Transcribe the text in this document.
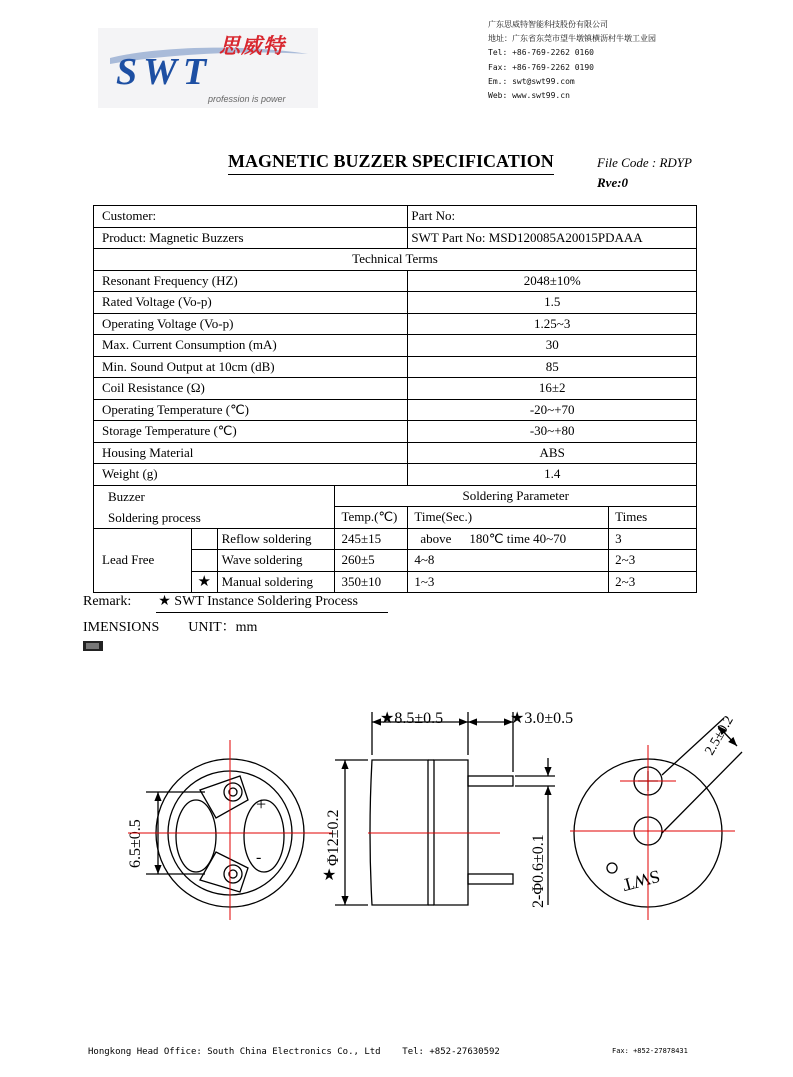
SWT
思威特
profession is power
广东思威特智能科技股份有限公司
地址：广东省东莞市望牛墩镇横沥村牛墩工业园
Tel: +86-769-2262 0160
Fax: +86-769-2262 0190
Em.: swt@swt99.com
Web: www.swt99.cn
MAGNETIC BUZZER SPECIFICATION	File Code : RDYP
Rve:0
Customer:				Part No:	
Product: Magnetic Buzzers				SWT Part No: MSD120085A20015PDAAA	
Technical Terms					
Resonant Frequency (HZ)				2048±10%	
Rated Voltage (Vo-p)				1.5	
Operating Voltage (Vo-p)				1.25~3	
Max. Current Consumption (mA)				30	
Min. Sound Output at 10cm (dB)				85	
Coil Resistance (Ω)				16±2	
Operating Temperature (℃)				-20~+70	
Storage Temperature (℃)				-30~+80	
Housing Material				ABS	
Weight (g)				1.4	

Buzzer
Soldering process			Soldering Parameter		
			Temp.(℃)	Time(Sec.)	Times
Lead Free		Reflow soldering	245±15	above 180℃ time 40~70	3
		Wave soldering	260±5	4~8	2~3
	★	Manual soldering	350±10	1~3	2~3
Remark: ★ SWT Instance Soldering Process
IMENSIONS UNIT：mm
+
-
6.5±0.5
★8.5±0.5	★3.0±0.5
★
Φ12±0.2	2-Φ0.6±0.1
2.5±0.2
SWT
Hongkong Head Office: South China Electronics Co., Ltd Tel: +852-27630592	Fax: +852-27878431
